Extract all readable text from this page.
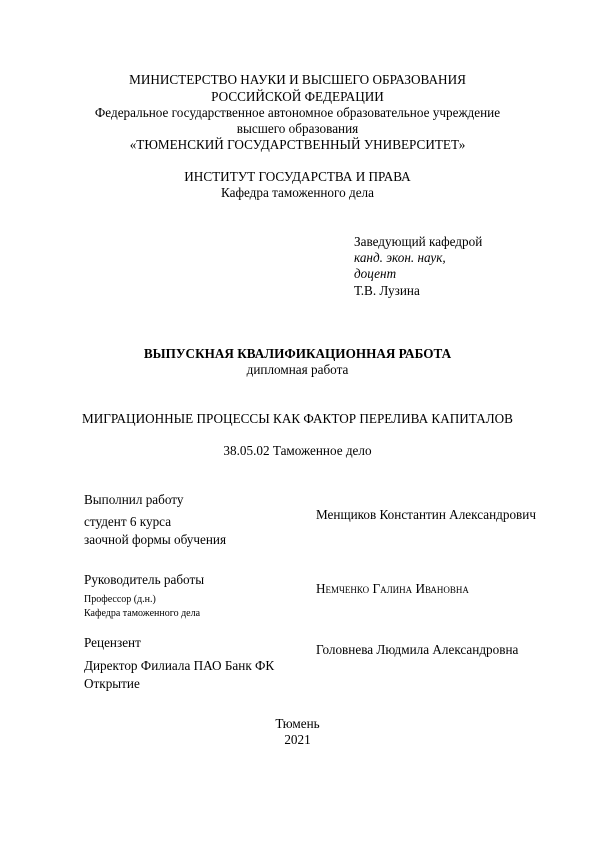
МИНИСТЕРСТВО НАУКИ И ВЫСШЕГО ОБРАЗОВАНИЯ
РОССИЙСКОЙ ФЕДЕРАЦИИ
Федеральное государственное автономное образовательное учреждение
высшего образования
«ТЮМЕНСКИЙ ГОСУДАРСТВЕННЫЙ УНИВЕРСИТЕТ»
ИНСТИТУТ ГОСУДАРСТВА И ПРАВА
Кафедра таможенного дела
Заведующий кафедрой
канд. экон. наук,
доцент
Т.В. Лузина
ВЫПУСКНАЯ КВАЛИФИКАЦИОННАЯ РАБОТА
дипломная работа
МИГРАЦИОННЫЕ ПРОЦЕССЫ КАК ФАКТОР ПЕРЕЛИВА КАПИТАЛОВ
38.05.02 Таможенное дело
Выполнил работу
студент 6 курса
заочной формы обучения
Менщиков Константин Александрович
Руководитель работы
Профессор (д.н.)
Кафедра таможенного дела
Немченко Галина Ивановна
Рецензент
Директор Филиала ПАО Банк ФК
Открытие
Головнева Людмила Александровна
Тюмень
2021
